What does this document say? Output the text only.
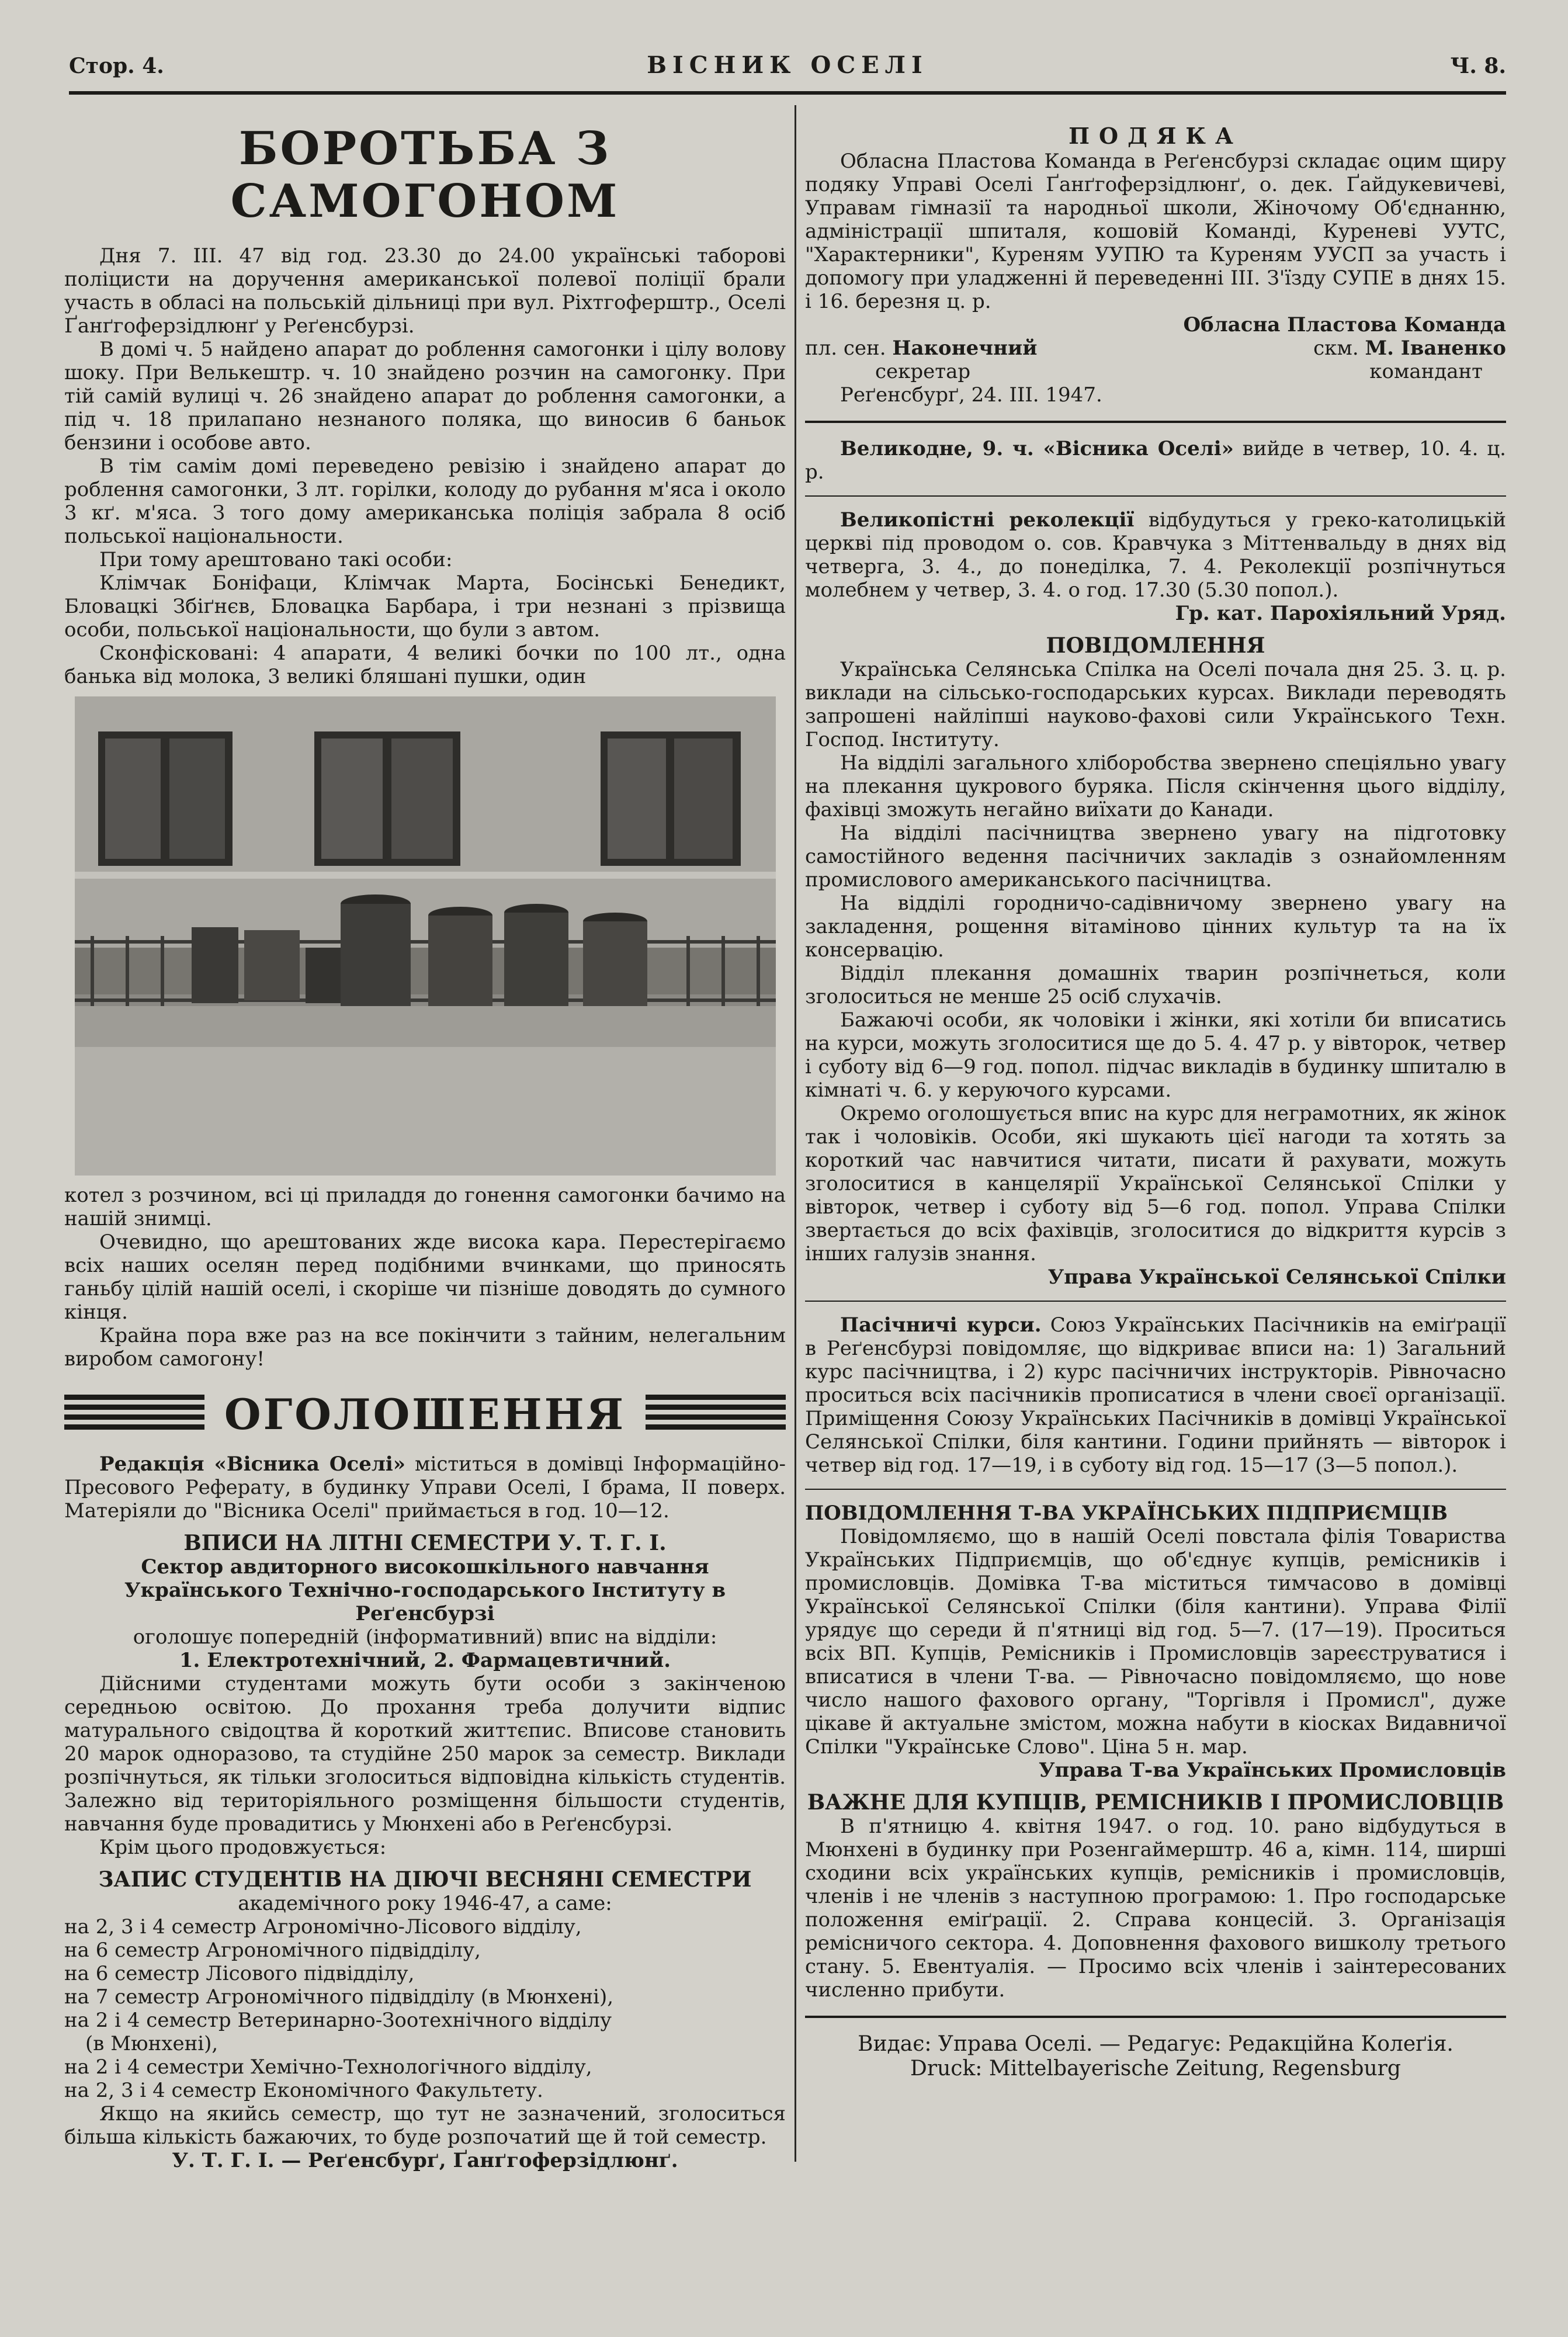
Стор. 4.	ВІСНИК ОСЕЛІ	Ч. 8.
БОРОТЬБА З САМОГОНОМ

Дня 7. ІІІ. 47 від год. 23.30 до 24.00 українські таборові поліцисти на доручення американської полевої поліції брали участь в обласі на польській дільниці при вул. Ріхтгоферштр., Оселі Ґанґгоферзідлюнґ у Реґенсбурзі.

В домі ч. 5 найдено апарат до роблення самогонки і цілу воловy шоку. При Велькештр. ч. 10 знайдено розчин на самогонку. При тій самій вулиці ч. 26 знайдено апарат до роблення самогонки, а під ч. 18 прилапано незнаного поляка, що виносив 6 баньок бензини і особове авто.

В тім самім домі переведено ревізію і знайдено апарат до роблення самогонки, 3 лт. горілки, колоду до рубання м'яса і около 3 кґ. м'яса. З того дому американська поліція забрала 8 осіб польської національности.

При тому арештовано такі особи:

Клімчак Боніфаци, Клімчак Марта, Босінські Бенедикт, Бловацкі Збіґнєв, Бловацка Барбара, і три незнані з прізвища особи, польської національности, що були з автом.

Сконфісковані: 4 апарати, 4 великі бочки по 100 лт., одна банька від молока, 3 великі бляшані пушки, один

котел з розчином, всі ці приладдя до гонення самогонки бачимо на нашій знимці.

Очевидно, що арештованих жде висока кара. Перестерігаємо всіх наших оселян перед подібними вчинками, що приносять ганьбу цілій нашій оселі, і скоріше чи пізніше доводять до сумного кінця.

Крайна пора вже раз на все покінчити з тайним, нелегальним виробом самогону!

ОГОЛОШЕННЯ

Редакція «Вісника Оселі» міститься в домівці Інформаційно-Пресового Реферату, в будинку Управи Оселі, І брама, ІІ поверх. Матеріяли до "Вісника Оселі" приймається в год. 10—12.

ВПИСИ НА ЛІТНІ СЕМЕСТРИ У. Т. Г. І.

Сектор авдиторного високошкільного навчання Українського Технічно-господарського Інституту в Реґенсбурзі

оголошує попередній (інформативний) впис на відділи:

1. Електротехнічний, 2. Фармацевтичний.

Дійсними студентами можуть бути особи з закінченою середньою освітою. До прохання треба долучити відпис матуральнoго свідоцтва й короткий життєпис. Вписове становить 20 марок одноразово, та студійне 250 марок за семестр. Виклади розпічнуться, як тільки зголоситься відповідна кількість студентів. Залежно від територіяльного розміщення більшости студентів, навчання буде провадитись у Мюнхені або в Реґенсбурзі.

Крім цього продовжується:

ЗАПИС СТУДЕНТІВ НА ДІЮЧІ ВЕСНЯНІ СЕМЕСТРИ

академічного року 1946-47, а саме:

на 2, 3 і 4 семестр Агрономічно-Лісового відділу,
на 6 семестр Агрономічного підвідділу,
на 6 семестр Лісового підвідділу,
на 7 семестр Агрономічного підвідділу (в Мюнхені),
на 2 і 4 семестр Ветеринарно-Зоотехнічного відділу
(в Мюнхені),
на 2 і 4 семестри Хемічно-Технологічного відділу,
на 2, 3 і 4 семестр Економічного Факультету.

Якщо на якийсь семестр, що тут не зазначений, зголоситься більша кількість бажаючих, то буде розпочатий ще й той семестр.

У. Т. Г. І. — Реґенсбурґ, Ґанґгоферзідлюнґ.

ПОДЯКА

Обласна Пластова Команда в Реґенсбурзі складає оцим щиру подяку Управі Оселі Ґанґгоферзідлюнґ, о. дек. Ґайдукевичеві, Управам гімназії та народньої школи, Жіночому Об'єднанню, адміністрації шпиталя, кошовій Команді, Куреневі УУТС, "Характерники", Куреням УУПЮ та Куреням УУСП за участь і допомогу при уладженні й переведенні ІІІ. З'їзду СУПЕ в днях 15. і 16. березня ц. р.

Обласна Пластова Команда

пл. сен. Наконечний	скм. М. Іваненко
секретар	командант

Реґенсбурґ, 24. ІІІ. 1947.

Великодне, 9. ч. «Вісника Оселі» вийде в четвер, 10. 4. ц. р.

Великопістні реколекції відбудуться у греко-католицькій церкві під проводом о. сов. Кравчука з Міттенвальду в днях від четверга, 3. 4., до понеділка, 7. 4. Реколекції розпічнуться молебнем у четвер, 3. 4. о год. 17.30 (5.30 попол.).

Гр. кат. Парохіяльний Уряд.

ПОВІДОМЛЕННЯ

Українська Селянська Спілка на Оселі почала дня 25. 3. ц. р. виклади на сільсько-господарських курсах. Виклади переводять запрошені найліпші науково-фахові сили Українського Техн. Господ. Інституту.

На відділі загального хліборобства звернено спеціяльно увагу на плекання цукрового буряка. Після скінчення цього відділу, фахівці зможуть негайно виїхати до Канади.

На відділі пасічництва звернено увагу на підготовку самостійного ведення пасічничих закладів з ознайомленням промислового американського пасічництва.

На відділі городничо-садівничому звернено увагу на закладення, рощення вітаміново цінних культур та на їх консервацію.

Відділ плекання домашніх тварин розпічнеться, коли зголоситься не менше 25 осіб слухачів.

Бажаючі особи, як чоловіки і жінки, які хотіли би вписатись на курси, можуть зголоситися ще до 5. 4. 47 р. у вівторок, четвер і суботу від 6—9 год. попол. підчас викладів в будинку шпиталю в кімнаті ч. 6. у керуючого курсами.

Окремо оголошується впис на курс для неграмотних, як жінок так і чоловіків. Особи, які шукають цієї нагоди та хотять за короткий час навчитися читати, писати й рахувати, можуть зголоситися в канцелярії Української Селянської Спілки у вівторок, четвер і суботу від 5—6 год. попол. Управа Спілки звертається до всіх фахівців, зголоситися до відкриття курсів з інших галузів знання.

Управа Української Селянської Спілки

Пасічничі курси. Союз Українських Пасічників на еміґрації в Реґенсбурзі повідомляє, що відкриває вписи на: 1) Загальний курс пасічництва, і 2) курс пасічничих інструкторів. Рівночасно проситься всіх пасічників прописатися в члени своєї організації. Приміщення Союзу Українських Пасічників в домівці Української Селянської Спілки, біля кантини. Години прийнять — вівторок і четвер від год. 17—19, і в суботу від год. 15—17 (3—5 попол.).

ПОВІДОМЛЕННЯ Т-ВА УКРАЇНСЬКИХ ПІДПРИЄМЦІВ

Повідомляємо, що в нашій Оселі повстала філія Товариства Українських Підприємців, що об'єднує купців, ремісників і промисловців. Домівка Т-ва міститься тимчасово в домівці Української Селянської Спілки (біля кантини). Управа Філії урядує що середи й п'ятниці від год. 5—7. (17—19). Проситься всіх ВП. Купців, Ремісників і Промисловців зареєструватися і вписатися в члени Т-ва. — Рівночасно повідомляємо, що нове число нашого фахового органу, "Торгівля і Промисл", дуже цікаве й актуальне змістом, можна набути в кіосках Видавничої Спілки "Українське Слово". Ціна 5 н. мар.

Управа Т-ва Українських Промисловців

ВАЖНЕ ДЛЯ КУПЦІВ, РЕМІСНИКІВ І ПРОМИСЛОВЦІВ

В п'ятницю 4. квітня 1947. о год. 10. рано відбудуться в Мюнхені в будинку при Розенгаймерштр. 46 а, кімн. 114, ширші сходини всіх українських купців, ремісників і промисловців, членів і не членів з наступною програмою: 1. Про господарське положення еміґрації. 2. Справа концесій. 3. Організація ремісничого сектора. 4. Доповнення фахового вишколу третього стану. 5. Евентуалія. — Просимо всіх членів і заінтересованих численно прибути.

Видає: Управа Оселі. — Редагує: Редакційна Колеґія.
Druck: Mittelbayerische Zeitung, Regensburg
